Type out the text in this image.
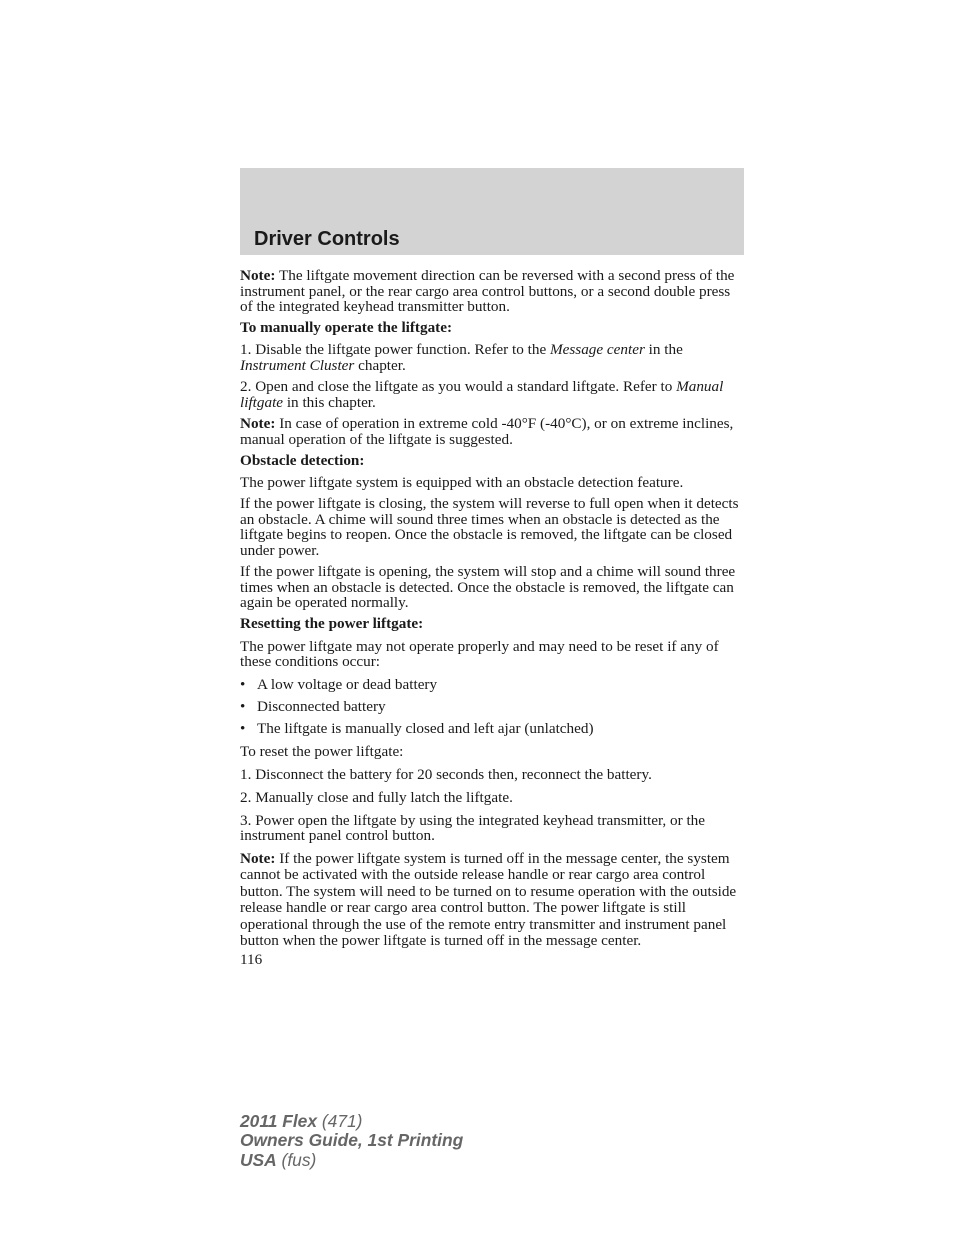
Driver Controls

Note: The liftgate movement direction can be reversed with a second press of the instrument panel, or the rear cargo area control buttons, or a second double press of the integrated keyhead transmitter button.

To manually operate the liftgate:

1. Disable the liftgate power function. Refer to the Message center in the Instrument Cluster chapter.

2. Open and close the liftgate as you would a standard liftgate. Refer to Manual liftgate in this chapter.

Note: In case of operation in extreme cold -40°F (-40°C), or on extreme inclines, manual operation of the liftgate is suggested.

Obstacle detection:

The power liftgate system is equipped with an obstacle detection feature.

If the power liftgate is closing, the system will reverse to full open when it detects an obstacle. A chime will sound three times when an obstacle is detected as the liftgate begins to reopen. Once the obstacle is removed, the liftgate can be closed under power.

If the power liftgate is opening, the system will stop and a chime will sound three times when an obstacle is detected. Once the obstacle is removed, the liftgate can again be operated normally.

Resetting the power liftgate:

The power liftgate may not operate properly and may need to be reset if any of these conditions occur:

• A low voltage or dead battery
• Disconnected battery
• The liftgate is manually closed and left ajar (unlatched)

To reset the power liftgate:

1. Disconnect the battery for 20 seconds then, reconnect the battery.

2. Manually close and fully latch the liftgate.

3. Power open the liftgate by using the integrated keyhead transmitter, or the instrument panel control button.

Note: If the power liftgate system is turned off in the message center, the system cannot be activated with the outside release handle or rear cargo area control button. The system will need to be turned on to resume operation with the outside release handle or rear cargo area control button. The power liftgate is still operational through the use of the remote entry transmitter and instrument panel button when the power liftgate is turned off in the message center.

116
2011 Flex (471)
Owners Guide, 1st Printing
USA (fus)
